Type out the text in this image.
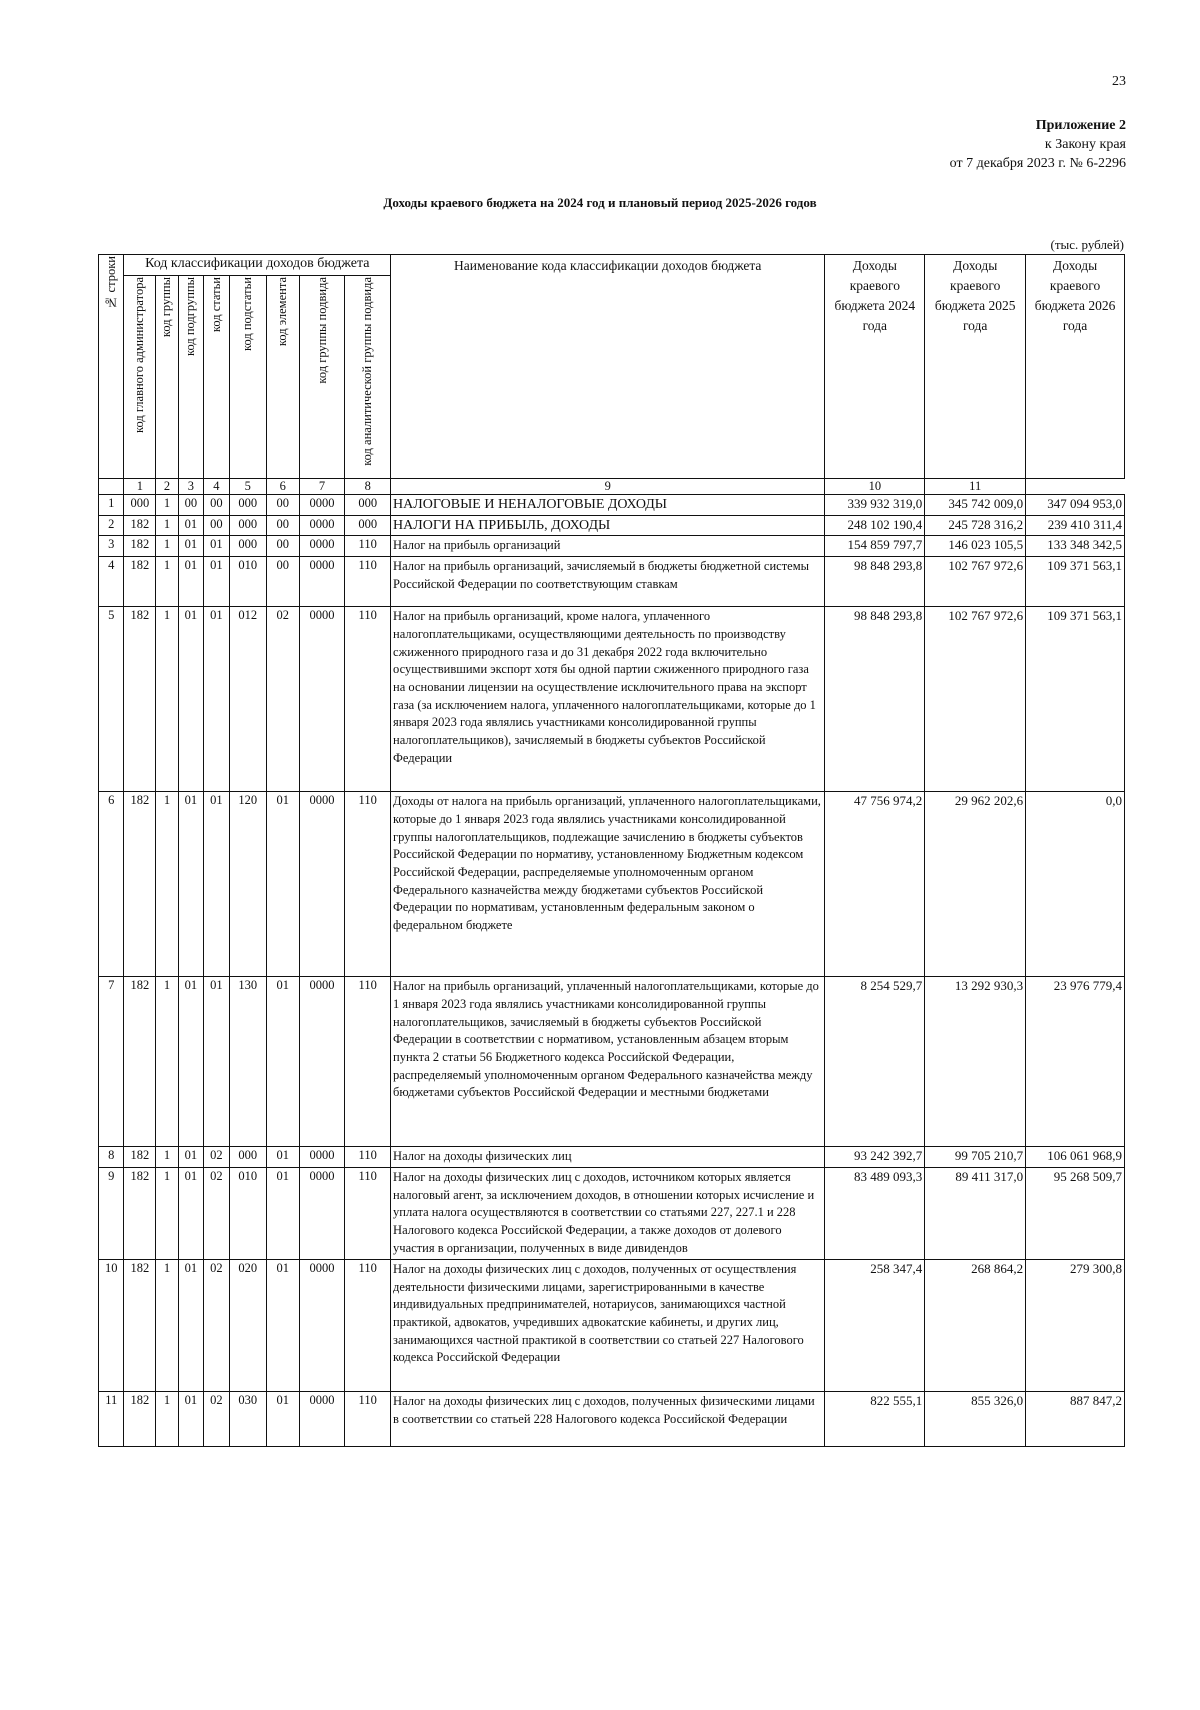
23
Приложение 2
к Закону края
от 7 декабря 2023 г. № 6-2296
Доходы краевого бюджета на 2024 год и плановый период 2025-2026 годов
(тыс. рублей)
№ строки	Код классификации доходов бюджета								Наименование кода классификации доходов бюджета	Доходы краевого бюджета 2024 года	Доходы краевого бюджета 2025 года	Доходы краевого бюджета 2026 года

	код главного администратора	код группы	код подгруппы	код статьи	код подстатьи	код элемента	код группы подвида	код аналитической группы подвида				

	1	2	3	4	5	6	7	8	9	10	11	
1	000	1	00	00	000	00	0000	000	НАЛОГОВЫЕ И НЕНАЛОГОВЫЕ ДОХОДЫ	339 932 319,0	345 742 009,0	347 094 953,0
2	182	1	01	00	000	00	0000	000	НАЛОГИ НА ПРИБЫЛЬ, ДОХОДЫ	248 102 190,4	245 728 316,2	239 410 311,4
3	182	1	01	01	000	00	0000	110	Налог на прибыль организаций	154 859 797,7	146 023 105,5	133 348 342,5
4	182	1	01	01	010	00	0000	110	Налог на прибыль организаций, зачисляемый в бюджеты бюджетной системы Российской Федерации по соответствующим ставкам	98 848 293,8	102 767 972,6	109 371 563,1
5	182	1	01	01	012	02	0000	110	Налог на прибыль организаций, кроме налога, уплаченного налогоплательщиками, осуществляющими деятельность по производству сжиженного природного газа и до 31 декабря 2022 года включительно осуществившими экспорт хотя бы одной партии сжиженного природного газа на основании лицензии на осуществление исключительного права на экспорт газа (за исключением налога, уплаченного налогоплательщиками, которые до 1 января 2023 года являлись участниками консолидированной группы налогоплательщиков), зачисляемый в бюджеты субъектов Российской Федерации	98 848 293,8	102 767 972,6	109 371 563,1
6	182	1	01	01	120	01	0000	110	Доходы от налога на прибыль организаций, уплаченного налогоплательщиками, которые до 1 января 2023 года являлись участниками консолидированной группы налогоплательщиков, подлежащие зачислению в бюджеты субъектов Российской Федерации по нормативу, установленному Бюджетным кодексом Российской Федерации, распределяемые уполномоченным органом Федерального казначейства между бюджетами субъектов Российской Федерации по нормативам, установленным федеральным законом о федеральном бюджете	47 756 974,2	29 962 202,6	0,0
7	182	1	01	01	130	01	0000	110	Налог на прибыль организаций, уплаченный налогоплательщиками, которые до 1 января 2023 года являлись участниками консолидированной группы налогоплательщиков, зачисляемый в бюджеты субъектов Российской Федерации в соответствии с нормативом, установленным абзацем вторым пункта 2 статьи 56 Бюджетного кодекса Российской Федерации, распределяемый уполномоченным органом Федерального казначейства между бюджетами субъектов Российской Федерации и местными бюджетами	8 254 529,7	13 292 930,3	23 976 779,4
8	182	1	01	02	000	01	0000	110	Налог на доходы физических лиц	93 242 392,7	99 705 210,7	106 061 968,9
9	182	1	01	02	010	01	0000	110	Налог на доходы физических лиц с доходов, источником которых является налоговый агент, за исключением доходов, в отношении которых исчисление и уплата налога осуществляются в соответствии со статьями 227, 227.1 и 228 Налогового кодекса Российской Федерации, а также доходов от долевого участия в организации, полученных в виде дивидендов	83 489 093,3	89 411 317,0	95 268 509,7
10	182	1	01	02	020	01	0000	110	Налог на доходы физических лиц с доходов, полученных от осуществления деятельности физическими лицами, зарегистрированными в качестве индивидуальных предпринимателей, нотариусов, занимающихся частной практикой, адвокатов, учредивших адвокатские кабинеты, и других лиц, занимающихся частной практикой в соответствии со статьей 227 Налогового кодекса Российской Федерации	258 347,4	268 864,2	279 300,8
11	182	1	01	02	030	01	0000	110	Налог на доходы физических лиц с доходов, полученных физическими лицами в соответствии со статьей 228 Налогового кодекса Российской Федерации	822 555,1	855 326,0	887 847,2
